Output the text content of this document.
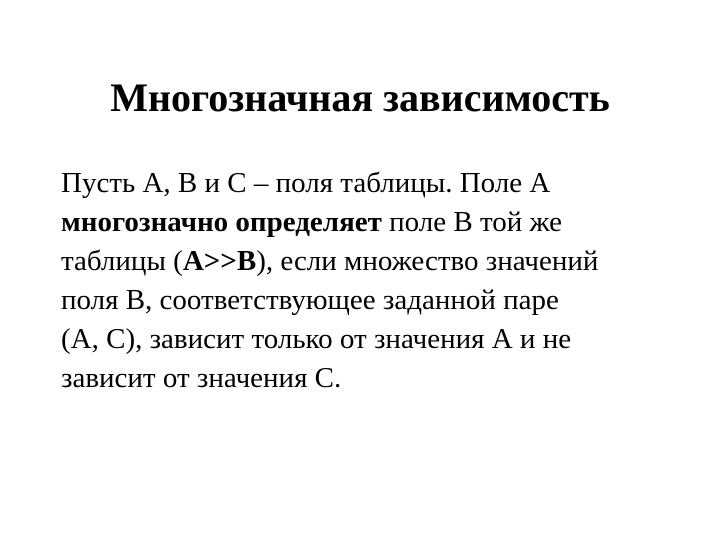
Многозначная зависимость
Пусть А, В и С – поля таблицы. Поле А
многозначно определяет поле В той же
таблицы (А>>В), если множество значений
поля В, соответствующее заданной паре
(А, С), зависит только от значения А и не
зависит от значения С.
